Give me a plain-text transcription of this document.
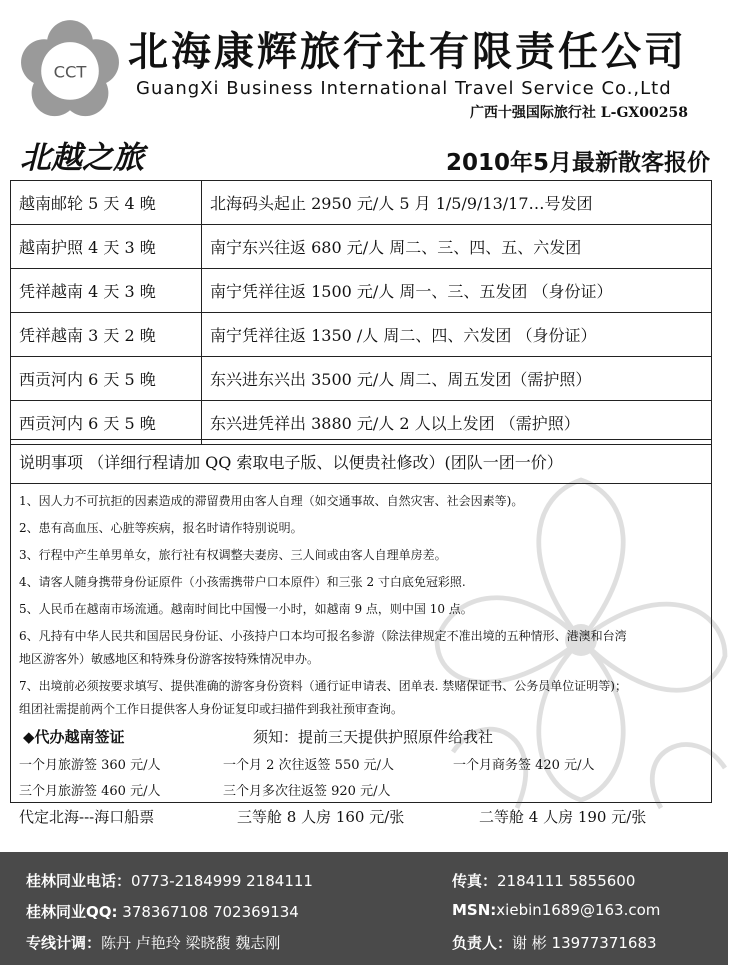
CCT 北海康辉旅行社有限责任公司
GuangXi Business International Travel Service Co.,Ltd
广西十强国际旅行社 L-GX00258
北越之旅	2010年5月最新散客报价
越南邮轮 5 天 4 晚	北海码头起止 2950 元/人 5 月 1/5/9/13/17…号发团
越南护照 4 天 3 晚	南宁东兴往返 680 元/人 周二、三、四、五、六发团
凭祥越南 4 天 3 晚	南宁凭祥往返 1500 元/人 周一、三、五发团 （身份证）
凭祥越南 3 天 2 晚	南宁凭祥往返 1350 /人 周二、四、六发团 （身份证）
西贡河内 6 天 5 晚	东兴进东兴出 3500 元/人 周二、周五发团（需护照）
西贡河内 6 天 5 晚	东兴进凭祥出 3880 元/人 2 人以上发团 （需护照）
说明事项 （详细行程请加 QQ 索取电子版、以便贵社修改）(团队一团一价）
1、因人力不可抗拒的因素造成的滞留费用由客人自理（如交通事故、自然灾害、社会因素等)。
2、患有高血压、心脏等疾病，报名时请作特别说明。
3、行程中产生单男单女，旅行社有权调整夫妻房、三人间或由客人自理单房差。
4、请客人随身携带身份证原件（小孩需携带户口本原件）和三张 2 寸白底免冠彩照.
5、人民币在越南市场流通。越南时间比中国慢一小时，如越南 9 点，则中国 10 点。
6、凡持有中华人民共和国居民身份证、小孩持户口本均可报名参游（除法律规定不准出境的五种情形、港澳和台湾
地区游客外）敏感地区和特殊身份游客按特殊情况申办。
7、出境前必须按要求填写、提供准确的游客身份资料（通行证申请表、团单表. 禁赌保证书、公务员单位证明等)；
组团社需提前两个工作日提供客人身份证复印或扫描件到我社预审查询。
◆代办越南签证	须知：提前三天提供护照原件给我社
一个月旅游签 360 元/人	一个月 2 次往返签 550 元/人	一个月商务签 420 元/人
三个月旅游签 460 元/人	三个月多次往返签 920 元/人
代定北海---海口船票	三等舱 8 人房 160 元/张	二等舱 4 人房 190 元/张
桂林同业电话：0773-2184999 2184111	传真：2184111 5855600
桂林同业QQ: 378367108 702369134	MSN:xiebin1689@163.com
专线计调：陈丹 卢艳玲 梁晓馥 魏志刚	负责人：谢 彬 13977371683
